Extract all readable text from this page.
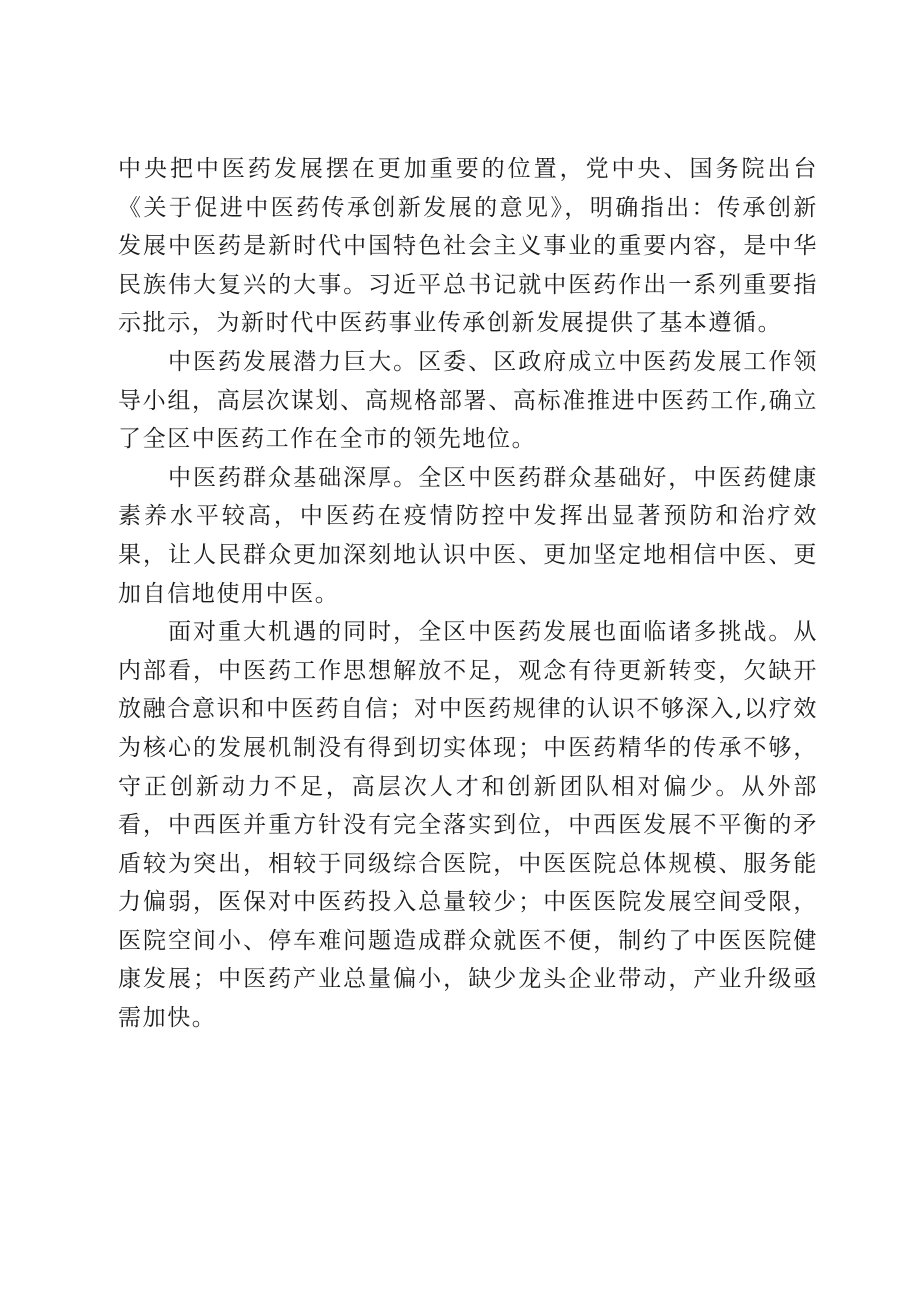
中央把中医药发展摆在更加重要的位置，党中央、国务院出台《关于促进中医药传承创新发展的意见》，明确指出：传承创新发展中医药是新时代中国特色社会主义事业的重要内容，是中华民族伟大复兴的大事。习近平总书记就中医药作出一系列重要指示批示，为新时代中医药事业传承创新发展提供了基本遵循。

中医药发展潜力巨大。区委、区政府成立中医药发展工作领导小组，高层次谋划、高规格部署、高标准推进中医药工作,确立了全区中医药工作在全市的领先地位。

中医药群众基础深厚。全区中医药群众基础好，中医药健康素养水平较高，中医药在疫情防控中发挥出显著预防和治疗效果，让人民群众更加深刻地认识中医、更加坚定地相信中医、更加自信地使用中医。

面对重大机遇的同时，全区中医药发展也面临诸多挑战。从内部看，中医药工作思想解放不足，观念有待更新转变，欠缺开放融合意识和中医药自信；对中医药规律的认识不够深入,以疗效为核心的发展机制没有得到切实体现；中医药精华的传承不够，守正创新动力不足，高层次人才和创新团队相对偏少。从外部看，中西医并重方针没有完全落实到位，中西医发展不平衡的矛盾较为突出，相较于同级综合医院，中医医院总体规模、服务能力偏弱，医保对中医药投入总量较少；中医医院发展空间受限，医院空间小、停车难问题造成群众就医不便，制约了中医医院健康发展；中医药产业总量偏小，缺少龙头企业带动，产业升级亟需加快。
